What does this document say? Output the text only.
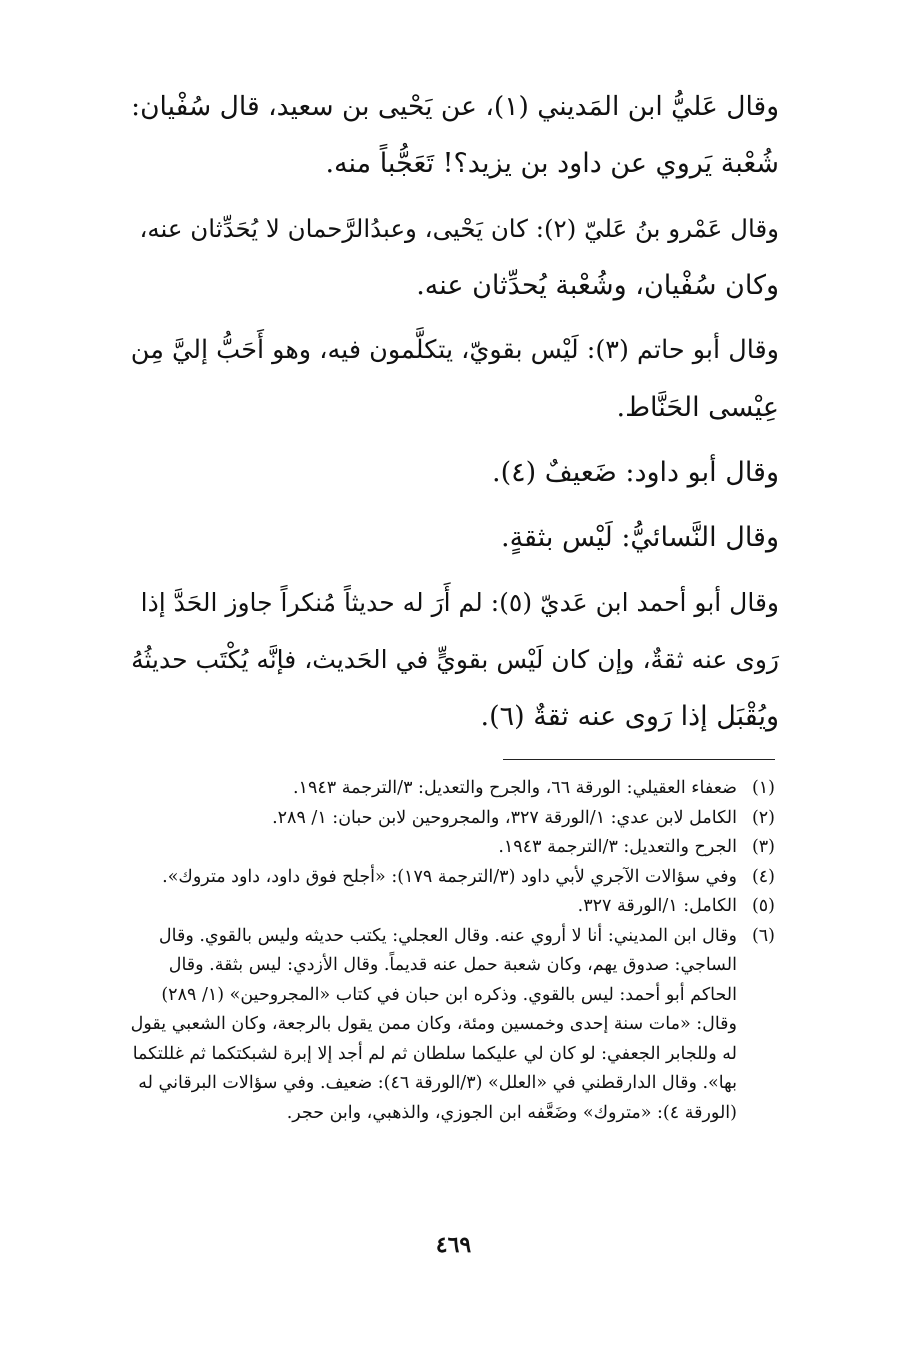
وقال عَليُّ ابن المَديني (١)، عن يَحْيى بن سعيد، قال سُفْيان:
شُعْبة يَروي عن داود بن يزيد؟! تَعَجُّباً منه.

وقال عَمْرو بنُ عَليّ (٢): كان يَحْيى، وعبدُالرَّحمان لا يُحَدِّثان عنه،
وكان سُفْيان، وشُعْبة يُحدِّثان عنه.

وقال أبو حاتم (٣): لَيْس بقويّ، يتكلَّمون فيه، وهو أَحَبُّ إليَّ مِن
عِيْسى الحَنَّاط.

وقال أبو داود: ضَعيفٌ (٤).

وقال النَّسائيُّ: لَيْس بثقةٍ.

وقال أبو أحمد ابن عَديّ (٥): لم أَرَ له حديثاً مُنكراً جاوز الحَدَّ إذا
رَوى عنه ثقةٌ، وإن كان لَيْس بقويٍّ في الحَديث، فإنَّه يُكْتَب حديثُهُ
ويُقْبَل إذا رَوى عنه ثقةٌ (٦).

(١)
ضعفاء العقيلي: الورقة ٦٦، والجرح والتعديل: ٣/الترجمة ١٩٤٣.
(٢)
الكامل لابن عدي: ١/الورقة ٣٢٧، والمجروحين لابن حبان: ١/ ٢٨٩.
(٣)
الجرح والتعديل: ٣/الترجمة ١٩٤٣.
(٤)
وفي سؤالات الآجري لأبي داود (٣/الترجمة ١٧٩): «أجلح فوق داود، داود متروك».
(٥)
الكامل: ١/الورقة ٣٢٧.
(٦)
وقال ابن المديني: أنا لا أروي عنه. وقال العجلي: يكتب حديثه وليس بالقوي. وقال
الساجي: صدوق يهم، وكان شعبة حمل عنه قديماً. وقال الأزدي: ليس بثقة. وقال
الحاكم أبو أحمد: ليس بالقوي. وذكره ابن حبان في كتاب «المجروحين» (١/ ٢٨٩)
وقال: «مات سنة إحدى وخمسين ومئة، وكان ممن يقول بالرجعة، وكان الشعبي يقول
له وللجابر الجعفي: لو كان لي عليكما سلطان ثم لم أجد إلا إبرة لشبكتكما ثم غللتكما
بها». وقال الدارقطني في «العلل» (٣/الورقة ٤٦): ضعيف. وفي سؤالات البرقاني له
(الورقة ٤): «متروك» وضَعَّفه ابن الجوزي، والذهبي، وابن حجر.
٤٦٩
